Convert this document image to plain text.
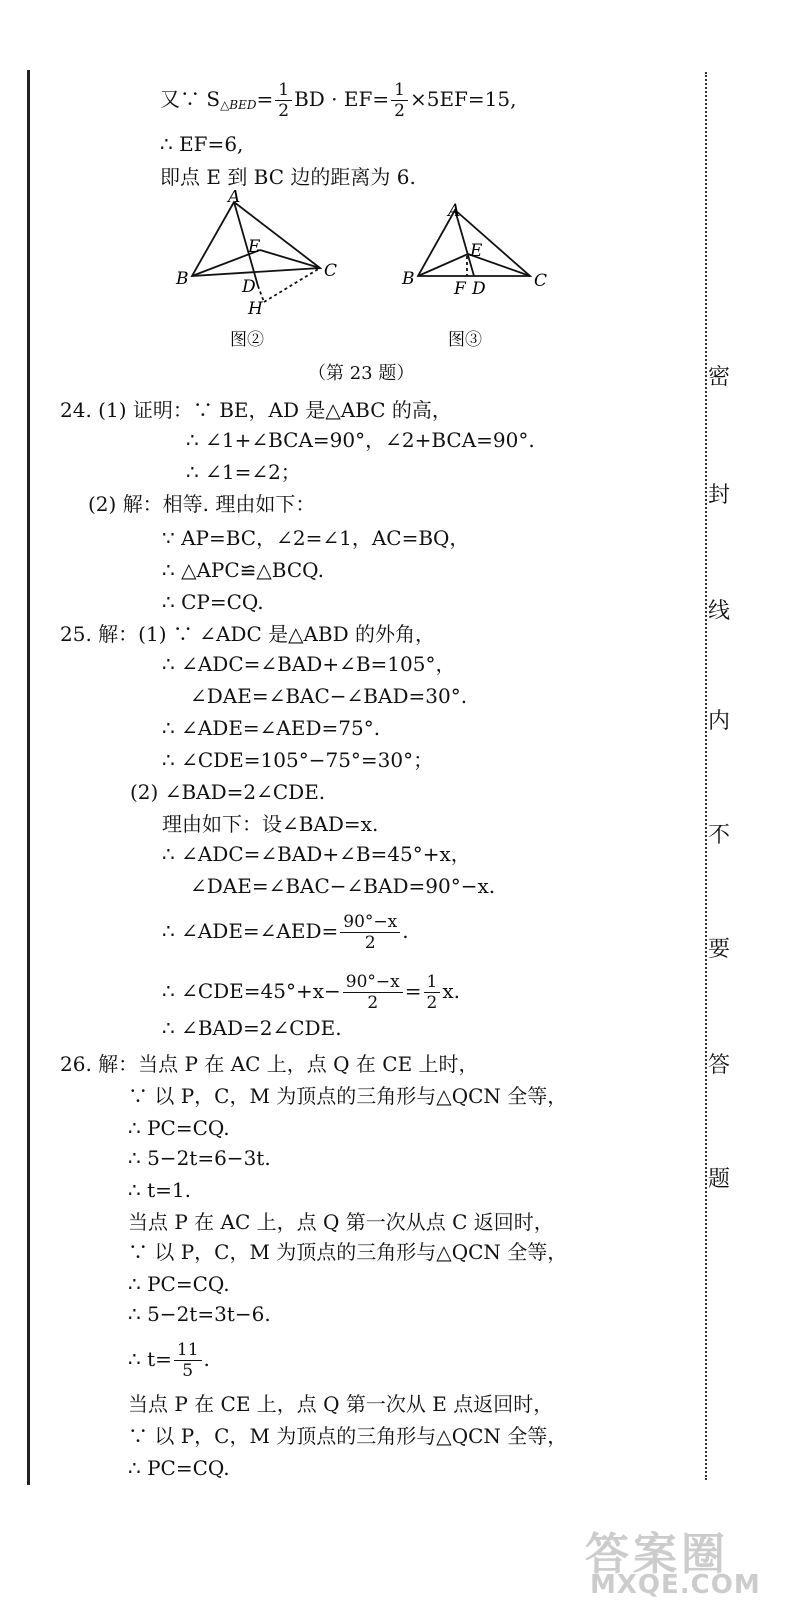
密
封
线
内
不
要
答
题
又∵ $S_{\triangle BED}= \frac{1}{2}$ BD · $EF= \frac{1}{2} \times 5EF=15$,
∴ EF=6,
即点 E 到 BC 边的距离为 6.
A
B	C
D
E
H
图②
A
B	C
D
E
F
图③
（第 23 题）
24. (1) 证明：∵ BE，AD 是△ABC 的高，
∴ ∠1+∠BCA=90°，∠2+BCA=90°.
∴ ∠1=∠2；
(2) 解：相等. 理由如下：
∵ AP=BC，∠2=∠1，AC=BQ，
∴ △APC≌△BCQ.
∴ CP=CQ.
25. 解：(1) ∵ ∠ADC 是△ABD 的外角，
∴ ∠ADC=∠BAD+∠B=105°，
∠DAE=∠BAC−∠BAD=30°.
∴ ∠ADE=∠AED=75°.
∴ ∠CDE=105°−75°=30°；
(2) ∠BAD=2∠CDE.
理由如下：设∠BAD=x.
∴ ∠ADC=∠BAD+∠B=45°+x，
∠DAE=∠BAC−∠BAD=90°−x.
∴ ∠ADE=∠AED= $\frac{90^\circ-x}{2}$ .
∴ ∠CDE=45°+x− $\frac{90^\circ-x}{2} = \frac{1}{2} x$.
∴ ∠BAD=2∠CDE.
26. 解：当点 P 在 AC 上，点 Q 在 CE 上时，
∵ 以 P，C，M 为顶点的三角形与△QCN 全等，
∴ PC=CQ.
∴ 5−2t=6−3t.
∴ t=1.
当点 P 在 AC 上，点 Q 第一次从点 C 返回时，
∵ 以 P，C，M 为顶点的三角形与△QCN 全等，
∴ PC=CQ.
∴ 5−2t=3t−6.
∴ $t= \frac{11}{5}$ .
当点 P 在 CE 上，点 Q 第一次从 E 点返回时，
∵ 以 P，C，M 为顶点的三角形与△QCN 全等，
∴ PC=CQ.
答案圈
MXQE.COM
